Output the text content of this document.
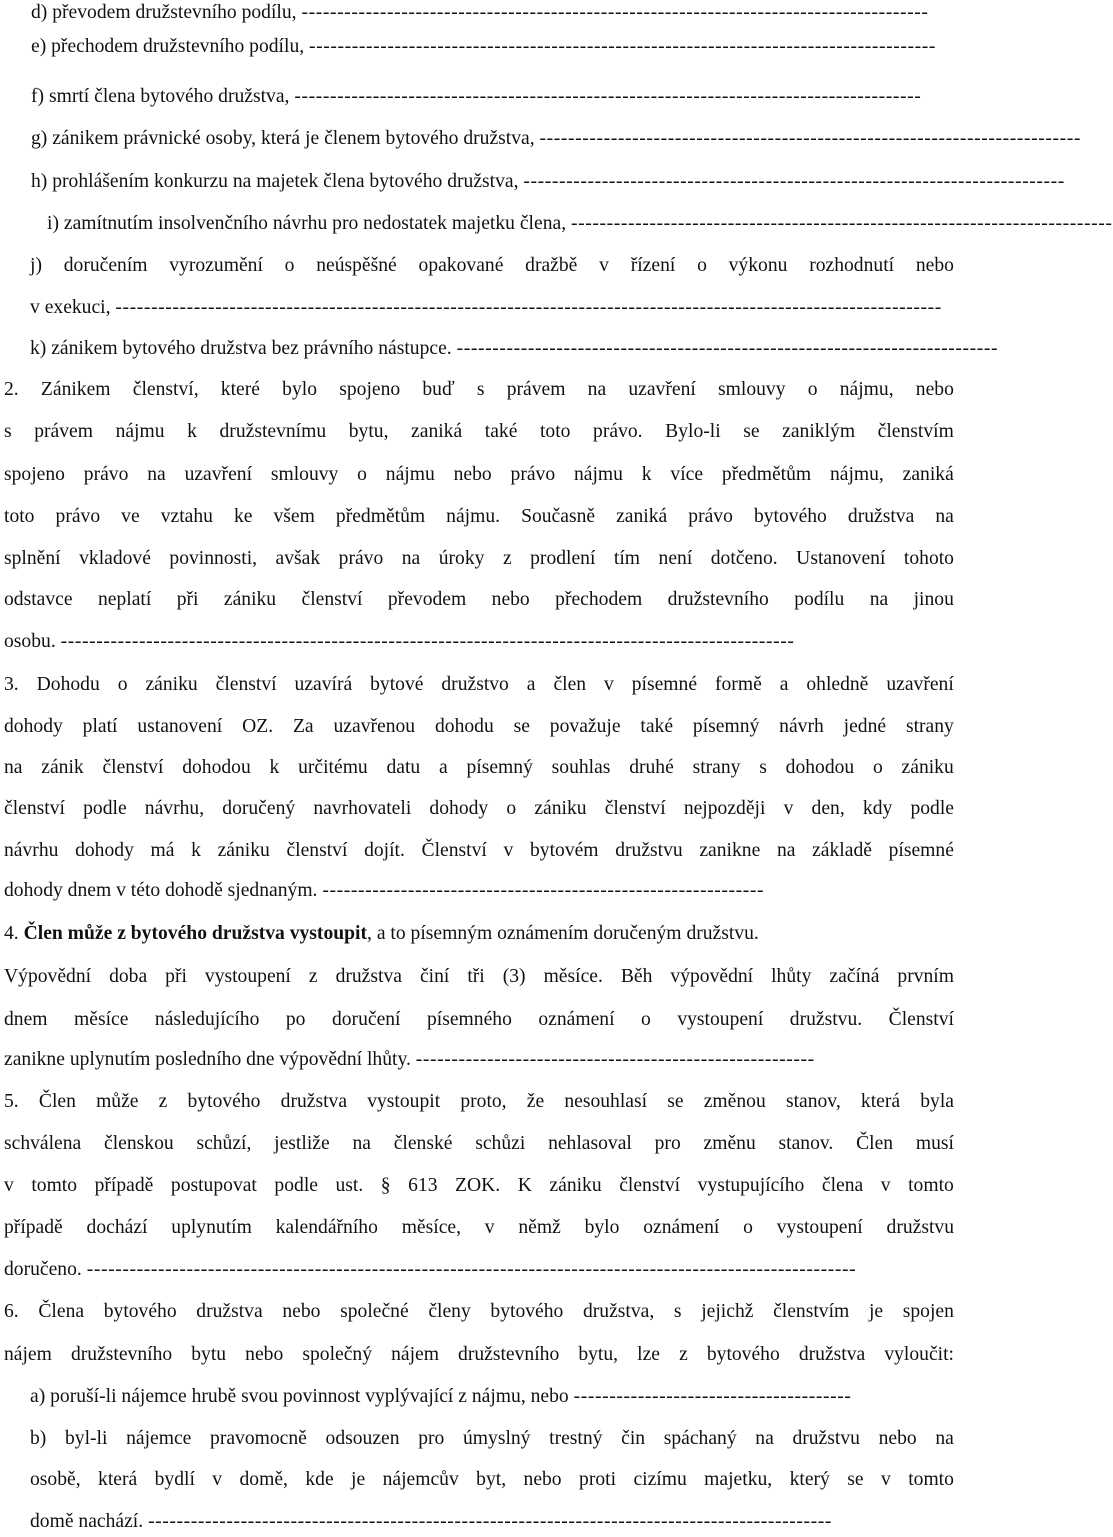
d) převodem družstevního podílu, ----------------------------------------------------------------------------------------
e) přechodem družstevního podílu, ----------------------------------------------------------------------------------------
f) smrtí člena bytového družstva, ----------------------------------------------------------------------------------------
g) zánikem právnické osoby, která je členem bytového družstva, ----------------------------------------------------------------------------
h) prohlášením konkurzu na majetek člena bytového družstva, ----------------------------------------------------------------------------
i) zamítnutím insolvenčního návrhu pro nedostatek majetku člena, ----------------------------------------------------------------------------
j) doručením vyrozumění o neúspěšné opakované dražbě v řízení o výkonu rozhodnutí nebo
v exekuci, --------------------------------------------------------------------------------------------------------------------
k) zánikem bytového družstva bez právního nástupce. ----------------------------------------------------------------------------
2. Zánikem členství, které bylo spojeno buď s právem na uzavření smlouvy o nájmu, nebo
s právem nájmu k družstevnímu bytu, zaniká také toto právo. Bylo-li se zaniklým členstvím
spojeno právo na uzavření smlouvy o nájmu nebo právo nájmu k více předmětům nájmu, zaniká
toto právo ve vztahu ke všem předmětům nájmu. Současně zaniká právo bytového družstva na
splnění vkladové povinnosti, avšak právo na úroky z prodlení tím není dotčeno. Ustanovení tohoto
odstavce neplatí při zániku členství převodem nebo přechodem družstevního podílu na jinou
osobu. -------------------------------------------------------------------------------------------------------
3. Dohodu o zániku členství uzavírá bytové družstvo a člen v písemné formě a ohledně uzavření
dohody platí ustanovení OZ. Za uzavřenou dohodu se považuje také písemný návrh jedné strany
na zánik členství dohodou k určitému datu a písemný souhlas druhé strany s dohodou o zániku
členství podle návrhu, doručený navrhovateli dohody o zániku členství nejpozději v den, kdy podle
návrhu dohody má k zániku členství dojít. Členství v bytovém družstvu zanikne na základě písemné
dohody dnem v této dohodě sjednaným. --------------------------------------------------------------
4. Člen může z bytového družstva vystoupit, a to písemným oznámením doručeným družstvu.
Výpovědní doba při vystoupení z družstva činí tři (3) měsíce. Běh výpovědní lhůty začíná prvním
dnem měsíce následujícího po doručení písemného oznámení o vystoupení družstvu. Členství
zanikne uplynutím posledního dne výpovědní lhůty. --------------------------------------------------------
5. Člen může z bytového družstva vystoupit proto, že nesouhlasí se změnou stanov, která byla
schválena členskou schůzí, jestliže na členské schůzi nehlasoval pro změnu stanov. Člen musí
v tomto případě postupovat podle ust. § 613 ZOK. K zániku členství vystupujícího člena v tomto
případě dochází uplynutím kalendářního měsíce, v němž bylo oznámení o vystoupení družstvu
doručeno. ------------------------------------------------------------------------------------------------------------
6. Člena bytového družstva nebo společné členy bytového družstva, s jejichž členstvím je spojen
nájem družstevního bytu nebo společný nájem družstevního bytu, lze z bytového družstva vyloučit:
a) poruší-li nájemce hrubě svou povinnost vyplývající z nájmu, nebo ---------------------------------------
b) byl-li nájemce pravomocně odsouzen pro úmyslný trestný čin spáchaný na družstvu nebo na
osobě, která bydlí v domě, kde je nájemcův byt, nebo proti cizímu majetku, který se v tomto
domě nachází. ------------------------------------------------------------------------------------------------
